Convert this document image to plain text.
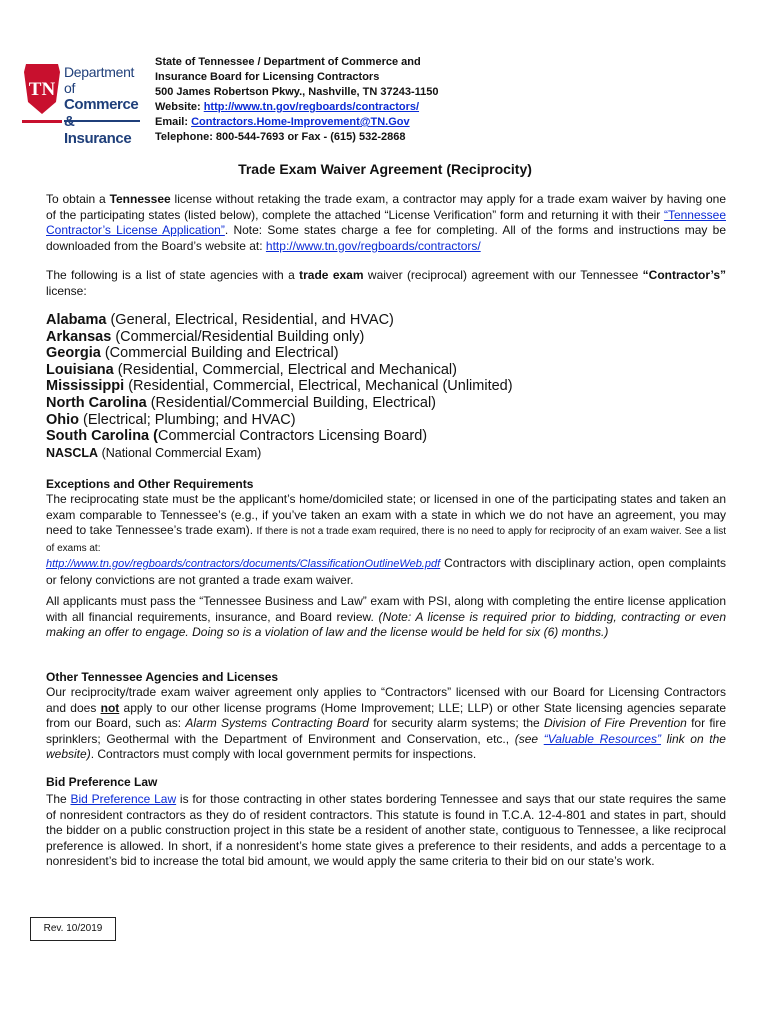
TN
Department of
Commerce
Insurance
State of Tennessee / Department of Commerce and
Insurance Board for Licensing Contractors
500 James Robertson Pkwy., Nashville, TN 37243-1150
Website: http://www.tn.gov/regboards/contractors/
Email: Contractors.Home-Improvement@TN.Gov
Telephone: 800-544-7693 or Fax - (615) 532-2868
Trade Exam Waiver Agreement (Reciprocity)
To obtain a Tennessee license without retaking the trade exam, a contractor may apply for a trade exam waiver by having one of the participating states (listed below), complete the attached “License Verification” form and returning it with their “Tennessee Contractor’s License Application”. Note: Some states charge a fee for completing. All of the forms and instructions may be downloaded from the Board’s website at: http://www.tn.gov/regboards/contractors/
The following is a list of state agencies with a trade exam waiver (reciprocal) agreement with our Tennessee “Contractor’s” license:
Alabama (General, Electrical, Residential, and HVAC)
Arkansas (Commercial/Residential Building only)
Georgia (Commercial Building and Electrical)
Louisiana (Residential, Commercial, Electrical and Mechanical)
Mississippi (Residential, Commercial, Electrical, Mechanical (Unlimited)
North Carolina (Residential/Commercial Building, Electrical)
Ohio (Electrical; Plumbing; and HVAC)
South Carolina (Commercial Contractors Licensing Board)
NASCLA (National Commercial Exam)
Exceptions and Other Requirements
The reciprocating state must be the applicant’s home/domiciled state; or licensed in one of the participating states and taken an exam comparable to Tennessee’s (e.g., if you’ve taken an exam with a state in which we do not have an agreement, you may need to take Tennessee’s trade exam). If there is not a trade exam required, there is no need to apply for reciprocity of an exam waiver. See a list of exams at:
http://www.tn.gov/regboards/contractors/documents/ClassificationOutlineWeb.pdf Contractors with disciplinary action, open complaints or felony convictions are not granted a trade exam waiver.
All applicants must pass the “Tennessee Business and Law” exam with PSI, along with completing the entire license application with all financial requirements, insurance, and Board review. (Note: A license is required prior to bidding, contracting or even making an offer to engage. Doing so is a violation of law and the license would be held for six (6) months.)
Other Tennessee Agencies and Licenses
Our reciprocity/trade exam waiver agreement only applies to “Contractors” licensed with our Board for Licensing Contractors and does not apply to our other license programs (Home Improvement; LLE; LLP) or other State licensing agencies separate from our Board, such as: Alarm Systems Contracting Board for security alarm systems; the Division of Fire Prevention for fire sprinklers; Geothermal with the Department of Environment and Conservation, etc., (see “Valuable Resources” link on the website). Contractors must comply with local government permits for inspections.
Bid Preference Law
The Bid Preference Law is for those contracting in other states bordering Tennessee and says that our state requires the same of nonresident contractors as they do of resident contractors. This statute is found in T.C.A. 12-4-801 and states in part, should the bidder on a public construction project in this state be a resident of another state, contiguous to Tennessee, a like reciprocal preference is allowed. In short, if a nonresident’s home state gives a preference to their residents, and adds a percentage to a nonresident’s bid to increase the total bid amount, we would apply the same criteria to their bid on our state’s work.
Rev. 10/2019
